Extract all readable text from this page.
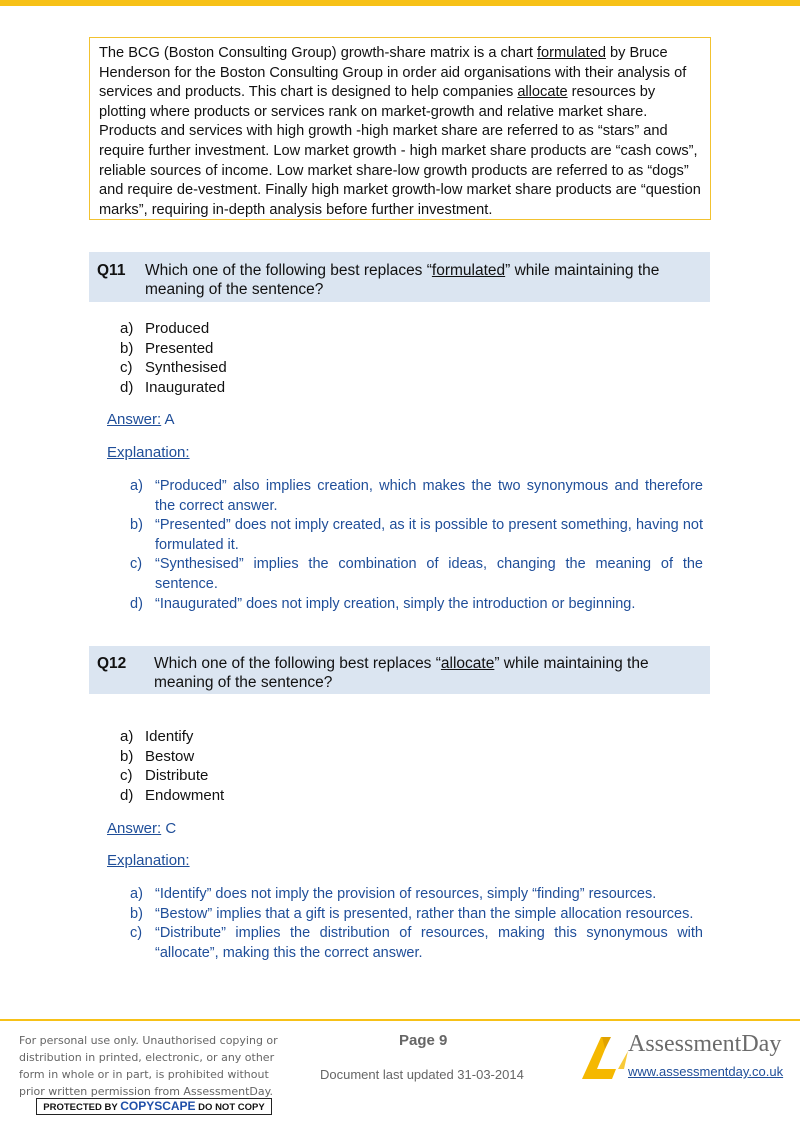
The BCG (Boston Consulting Group) growth-share matrix is a chart formulated by Bruce Henderson for the Boston Consulting Group in order aid organisations with their analysis of services and products. This chart is designed to help companies allocate resources by plotting where products or services rank on market-growth and relative market share. Products and services with high growth -high market share are referred to as “stars” and require further investment. Low market growth - high market share products are “cash cows”, reliable sources of income. Low market share-low growth products are referred to as “dogs” and require de-vestment. Finally high market growth-low market share products are “question marks”, requiring in-depth analysis before further investment.
Q11 Which one of the following best replaces “formulated” while maintaining the meaning of the sentence?
a) Produced
b) Presented
c) Synthesised
d) Inaugurated
Answer: A
Explanation:
a) “Produced” also implies creation, which makes the two synonymous and therefore the correct answer.
b) “Presented” does not imply created, as it is possible to present something, having not formulated it.
c) “Synthesised” implies the combination of ideas, changing the meaning of the sentence.
d) “Inaugurated” does not imply creation, simply the introduction or beginning.
Q12 Which one of the following best replaces “allocate” while maintaining the meaning of the sentence?
a) Identify
b) Bestow
c) Distribute
d) Endowment
Answer: C
Explanation:
a) “Identify” does not imply the provision of resources, simply “finding” resources.
b) “Bestow” implies that a gift is presented, rather than the simple allocation resources.
c) “Distribute” implies the distribution of resources, making this synonymous with “allocate”, making this the correct answer.
For personal use only. Unauthorised copying or distribution in printed, electronic, or any other form in whole or in part, is prohibited without prior written permission from AssessmentDay.
PROTECTED BY COPYSCAPE DO NOT COPY
Page 9
Document last updated 31-03-2014
AssessmentDay
www.assessmentday.co.uk
